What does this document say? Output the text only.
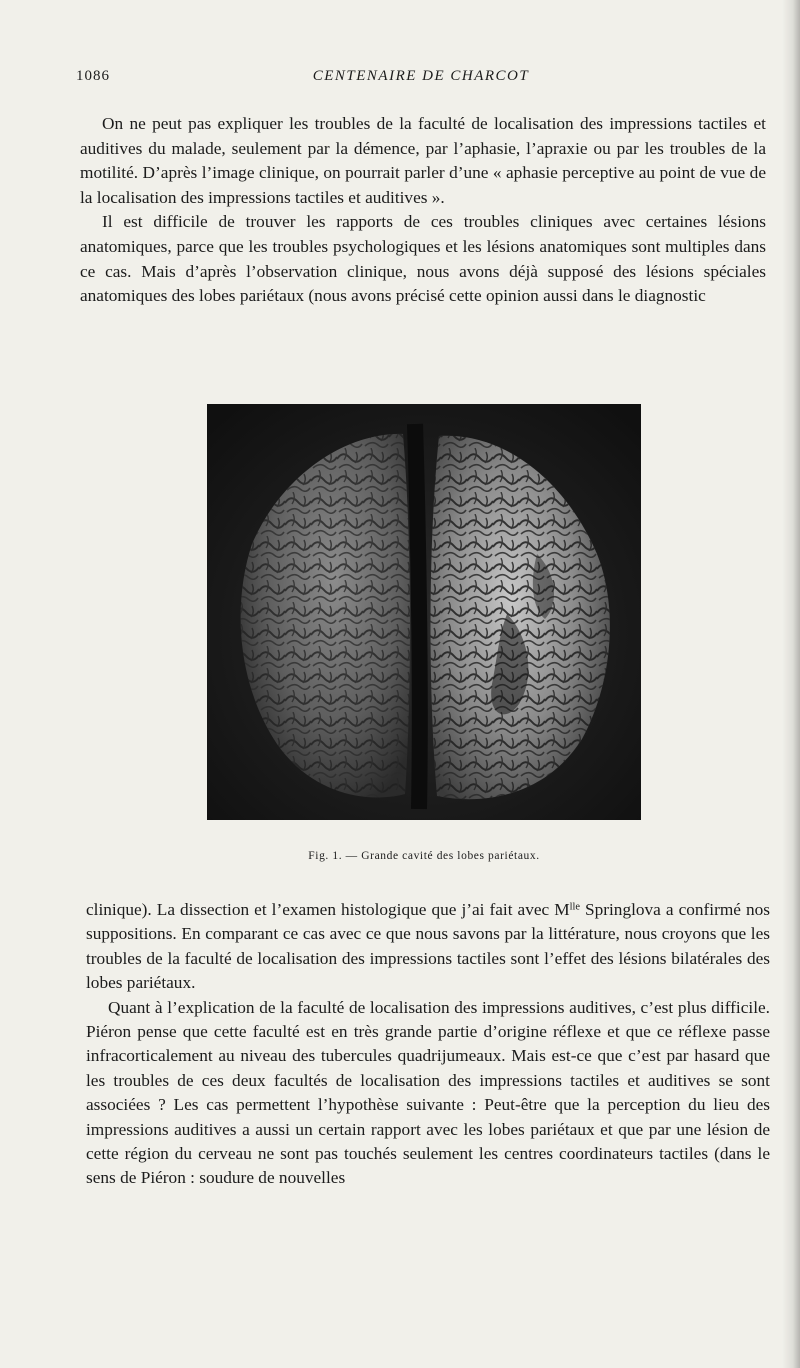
1086	CENTENAIRE DE CHARCOT

On ne peut pas expliquer les troubles de la faculté de localisation des impressions tactiles et auditives du malade, seulement par la démence, par l’aphasie, l’apraxie ou par les troubles de la motilité. D’après l’image clinique, on pourrait parler d’une « aphasie perceptive au point de vue de la localisation des impressions tactiles et auditives ».

Il est difficile de trouver les rapports de ces troubles cliniques avec certaines lésions anatomiques, parce que les troubles psychologiques et les lésions anatomiques sont multiples dans ce cas. Mais d’après l’observation clinique, nous avons déjà supposé des lésions spéciales anatomiques des lobes pariétaux (nous avons précisé cette opinion aussi dans le diagnostic

Fig. 1. — Grande cavité des lobes pariétaux.

clinique). La dissection et l’examen histologique que j’ai fait avec $M^{lle}$ Springlova a confirmé nos suppositions. En comparant ce cas avec ce que nous savons par la littérature, nous croyons que les troubles de la faculté de localisation des impressions tactiles sont l’effet des lésions bilatérales des lobes pariétaux.

Quant à l’explication de la faculté de localisation des impressions auditives, c’est plus difficile. Piéron pense que cette faculté est en très grande partie d’origine réflexe et que ce réflexe passe infracorticalement au niveau des tubercules quadrijumeaux. Mais est-ce que c’est par hasard que les troubles de ces deux facultés de localisation des impressions tactiles et auditives se sont associées ? Les cas permettent l’hypothèse suivante : Peut-être que la perception du lieu des impressions auditives a aussi un certain rapport avec les lobes pariétaux et que par une lésion de cette région du cerveau ne sont pas touchés seulement les centres coordinateurs tactiles (dans le sens de Piéron : soudure de nouvelles
